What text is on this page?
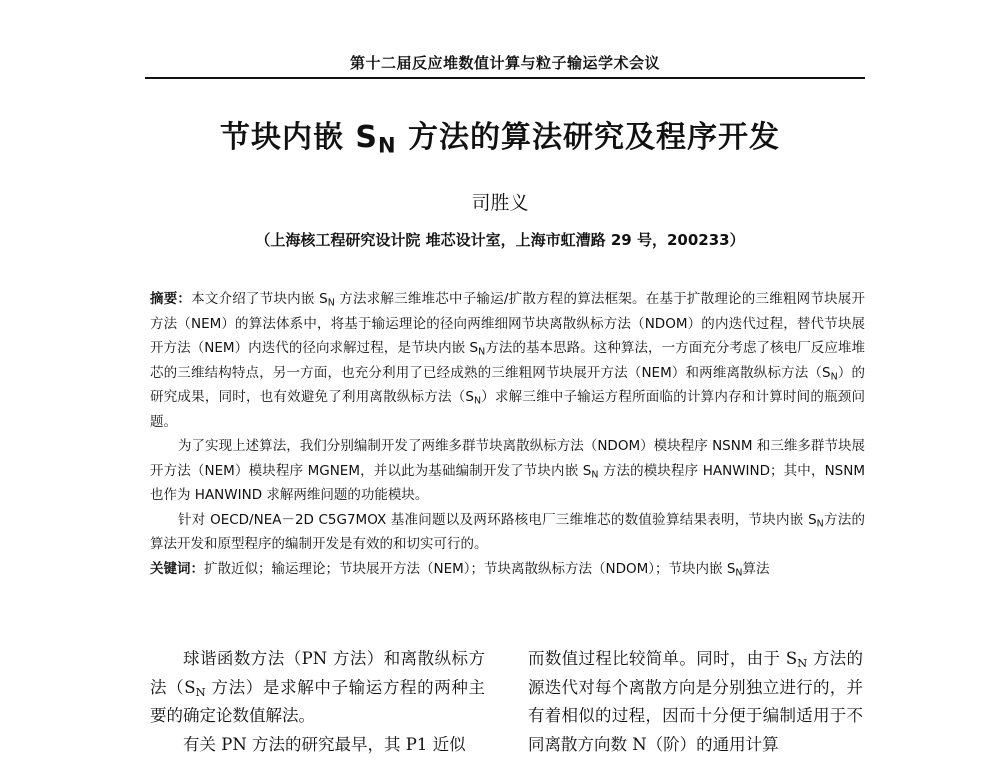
第十二届反应堆数值计算与粒子输运学术会议
节块内嵌 $S_N$ 方法的算法研究及程序开发
司胜义
（上海核工程研究设计院 堆芯设计室，上海市虹漕路 29 号，200233）

摘要：本文介绍了节块内嵌 $S_N$ 方法求解三维堆芯中子输运/扩散方程的算法框架。在基于扩散理论的三维粗网节块展开方法（NEM）的算法体系中，将基于输运理论的径向两维细网节块离散纵标方法（NDOM）的内迭代过程，替代节块展开方法（NEM）内迭代的径向求解过程，是节块内嵌 $S_N$方法的基本思路。这种算法，一方面充分考虑了核电厂反应堆堆芯的三维结构特点，另一方面，也充分利用了已经成熟的三维粗网节块展开方法（NEM）和两维离散纵标方法$(S_N)$的研究成果，同时，也有效避免了利用离散纵标方法$(S_N)$求解三维中子输运方程所面临的计算内存和计算时间的瓶颈问题。

为了实现上述算法，我们分别编制开发了两维多群节块离散纵标方法（NDOM）模块程序 NSNM 和三维多群节块展开方法（NEM）模块程序 MGNEM，并以此为基础编制开发了节块内嵌 $S_N$ 方法的模块程序 HANWIND；其中，NSNM 也作为 HANWIND 求解两维问题的功能模块。

针对 OECD/NEA－2D C5G7MOX 基准问题以及两环路核电厂三维堆芯的数值验算结果表明，节块内嵌 $S_N$方法的算法开发和原型程序的编制开发是有效的和切实可行的。

关键词：扩散近似；输运理论；节块展开方法（NEM）；节块离散纵标方法（NDOM）；节块内嵌 $S_N$算法

球谐函数方法（PN 方法）和离散纵标方法（$S_N$ 方法）是求解中子输运方程的两种主要的确定论数值解法。

有关 PN 方法的研究最早，其 P1 近似

而数值过程比较简单。同时，由于 $S_N$ 方法的源迭代对每个离散方向是分别独立进行的，并有着相似的过程，因而十分便于编制适用于不同离散方向数 N（阶）的通用计算
